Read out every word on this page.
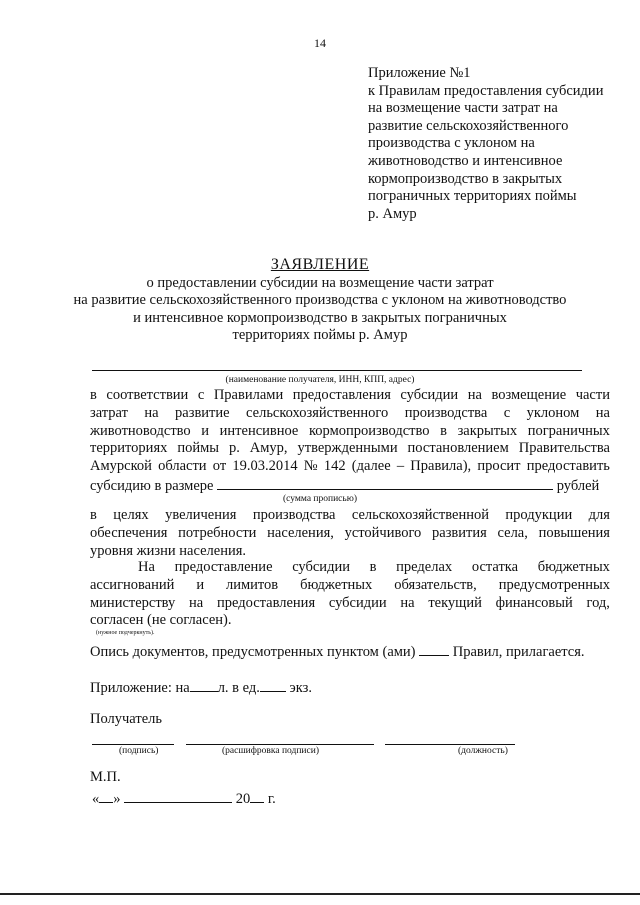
14
Приложение №1
к Правилам предоставления субсидии
на возмещение части затрат на
развитие сельскохозяйственного
производства с уклоном на
животноводство и интенсивное
кормопроизводство в закрытых
пограничных территориях поймы
р. Амур
ЗАЯВЛЕНИЕ
о предоставлении субсидии на возмещение части затрат
на развитие сельскохозяйственного производства с уклоном на животноводство
и интенсивное кормопроизводство в закрытых пограничных
территориях поймы р. Амур
(наименование получателя, ИНН, КПП, адрес)
в соответствии с Правилами предоставления субсидии на возмещение части
затрат на развитие сельскохозяйственного производства с уклоном на
животноводство и интенсивное кормопроизводство в закрытых пограничных
территориях поймы р. Амур, утвержденными постановлением Правительства
Амурской области от 19.03.2014 № 142 (далее – Правила), просит предоставить
субсидию в размере	рублей
(сумма прописью)
в целях увеличения производства сельскохозяйственной продукции для
обеспечения потребности населения, устойчивого развития села, повышения
уровня жизни населения.
На предоставление субсидии в пределах остатка бюджетных
ассигнований и лимитов бюджетных обязательств, предусмотренных
министерству на предоставления субсидии на текущий финансовый год,
согласен (не согласен).
(нужное подчеркнуть).
Опись документов, предусмотренных пунктом (ами)	Правил, прилагается.
Приложение: на л. в ед. экз.
Получатель
(подпись)	(расшифровка подписи)	(должность)
М.П.
« »	20 г.
